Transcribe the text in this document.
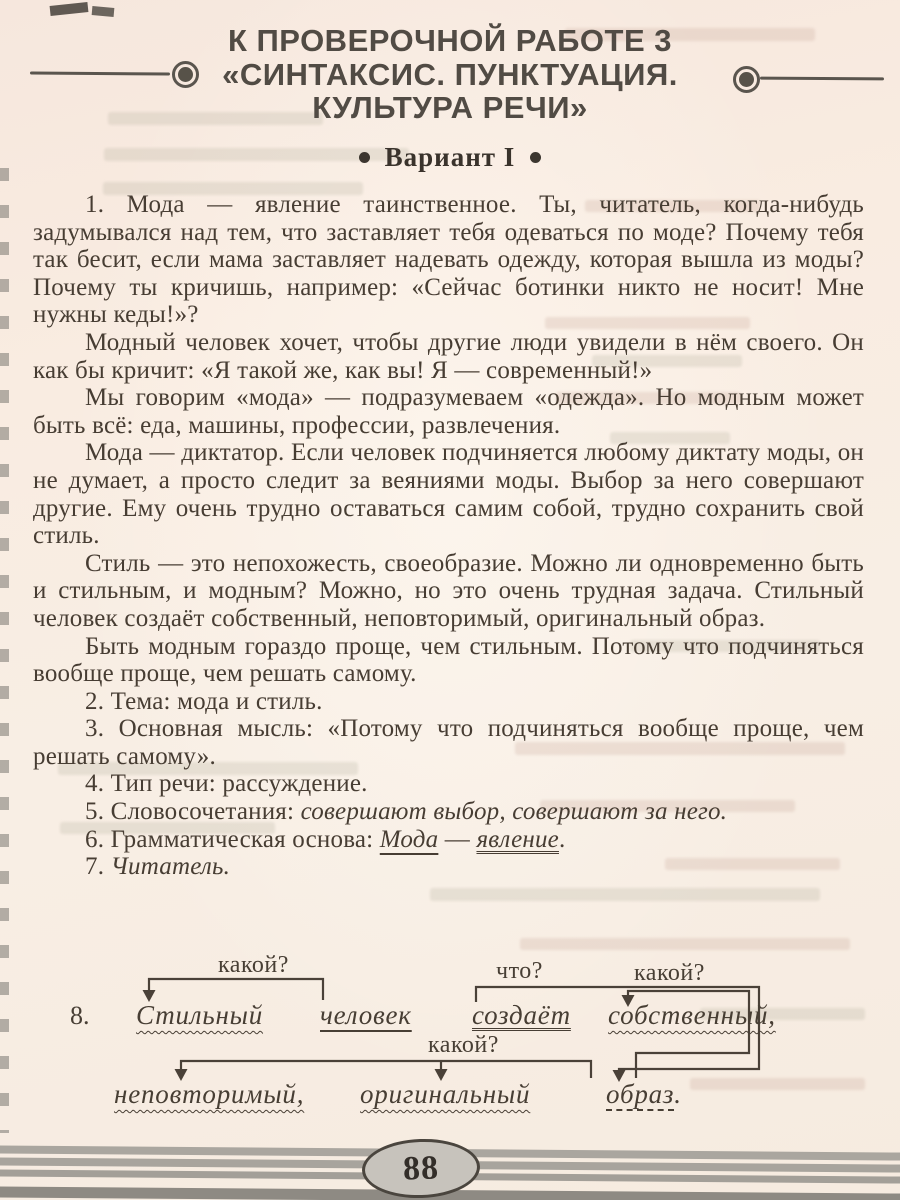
К ПРОВЕРОЧНОЙ РАБОТЕ 3
«СИНТАКСИС. ПУНКТУАЦИЯ.
КУЛЬТУРА РЕЧИ»
Вариант I

1. Мода — явление таинственное. Ты, читатель, когда-нибудь задумывался над тем, что заставляет тебя одеваться по моде? Почему тебя так бесит, если мама заставляет надевать одежду, которая вышла из моды? Почему ты кричишь, например: «Сейчас ботинки никто не носит! Мне нужны кеды!»?

Модный человек хочет, чтобы другие люди увидели в нём своего. Он как бы кричит: «Я такой же, как вы! Я — современный!»

Мы говорим «мода» — подразумеваем «одежда». Но модным может быть всё: еда, машины, профессии, развлечения.

Мода — диктатор. Если человек подчиняется любому диктату моды, он не думает, а просто следит за веяниями моды. Выбор за него совершают другие. Ему очень трудно оставаться самим собой, трудно сохранить свой стиль.

Стиль — это непохожесть, своеобразие. Можно ли одновременно быть и стильным, и модным? Можно, но это очень трудная задача. Стильный человек создаёт собственный, неповторимый, оригинальный образ.

Быть модным гораздо проще, чем стильным. Потому что подчиняться вообще проще, чем решать самому.

2. Тема: мода и стиль.

3. Основная мысль: «Потому что подчиняться вообще проще, чем решать самому».

4. Тип речи: рассуждение.

5. Словосочетания: совершают выбор, совершают за него.

6. Грамматическая основа: Мода — явление.

7. Читатель.

какой?	что?	какой?
какой?
8. Стильный человек создаёт собственный,
неповторимый, оригинальный	образ.
88
